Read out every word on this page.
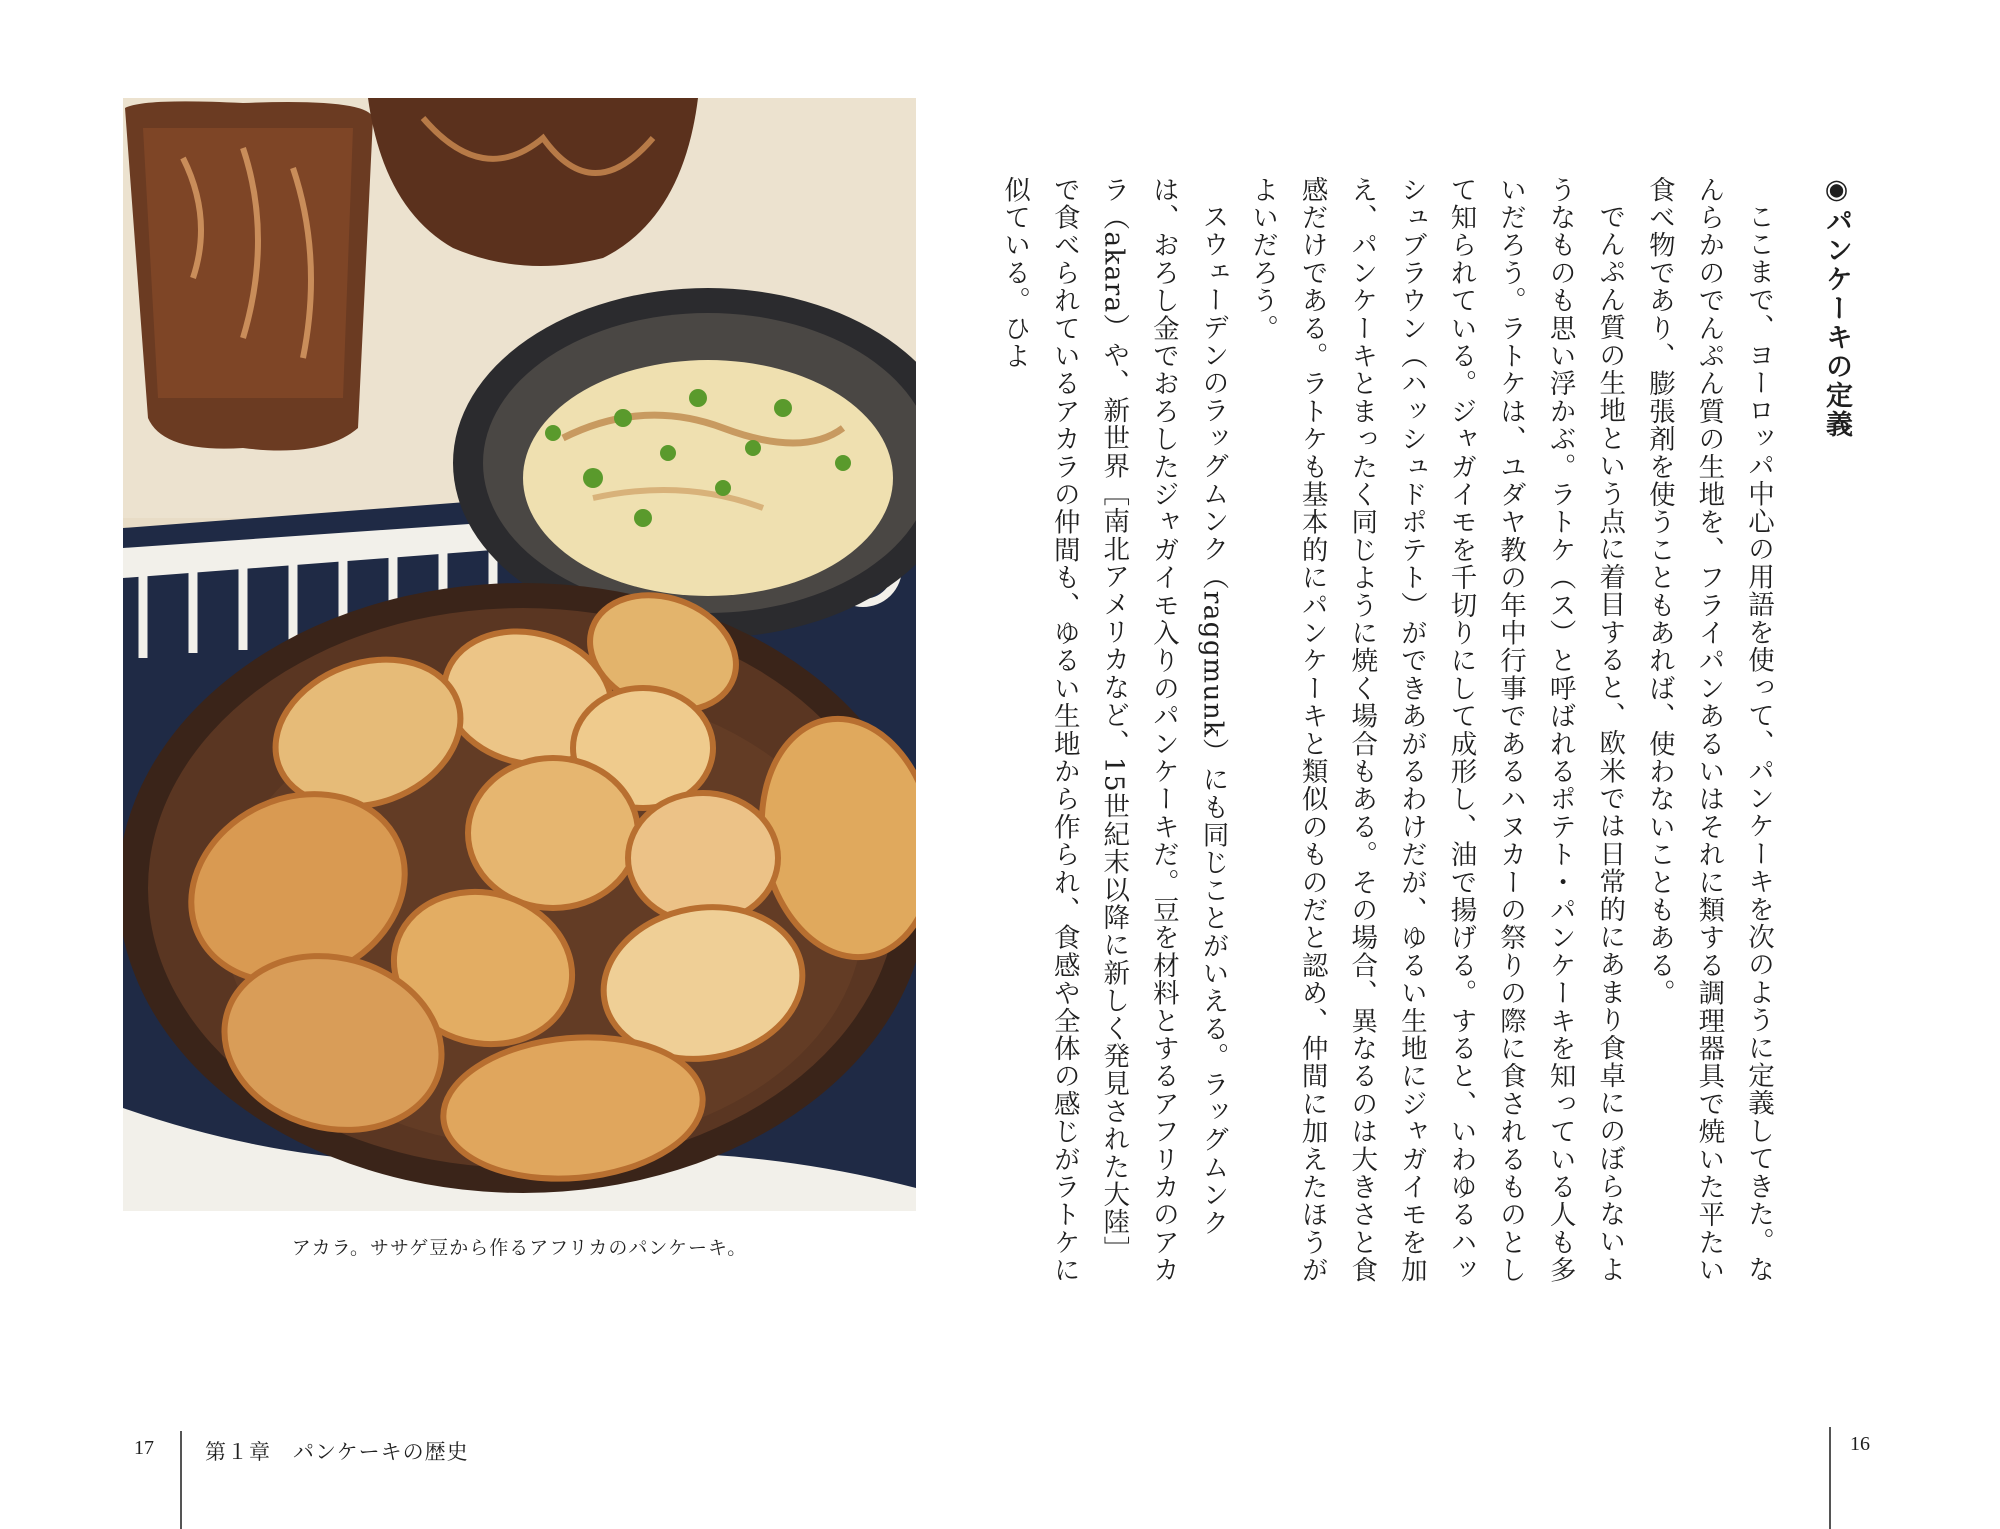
アカラ。ササゲ豆から作るアフリカのパンケーキ。
◉パンケーキの定義

ここまで、ヨーロッパ中心の用語を使って、パンケーキを次のように定義してきた。なんらかのでんぷん質の生地を、フライパンあるいはそれに類する調理器具で焼いた平たい食べ物であり、膨張剤を使うこともあれば、使わないこともある。

でんぷん質の生地という点に着目すると、欧米では日常的にあまり食卓にのぼらないようなものも思い浮かぶ。ラトケ（ス）と呼ばれるポテト・パンケーキを知っている人も多いだろう。ラトケは、ユダヤ教の年中行事であるハヌカーの祭りの際に食されるものとして知られている。ジャガイモを千切りにして成形し、油で揚げる。すると、いわゆるハッシュブラウン（ハッシュドポテト）ができあがるわけだが、ゆるい生地にジャガイモを加え、パンケーキとまったく同じように焼く場合もある。その場合、異なるのは大きさと食感だけである。ラトケも基本的にパンケーキと類似のものだと認め、仲間に加えたほうがよいだろう。

スウェーデンのラッグムンク（raggmunk）にも同じことがいえる。ラッグムンクは、おろし金でおろしたジャガイモ入りのパンケーキだ。豆を材料とするアフリカのアカラ（akara）や、新世界［南北アメリカなど、15世紀末以降に新しく発見された大陸］で食べられているアカラの仲間も、ゆるい生地から作られ、食感や全体の感じがラトケに似ている。ひよ

17 第１章 パンケーキの歴史	16
